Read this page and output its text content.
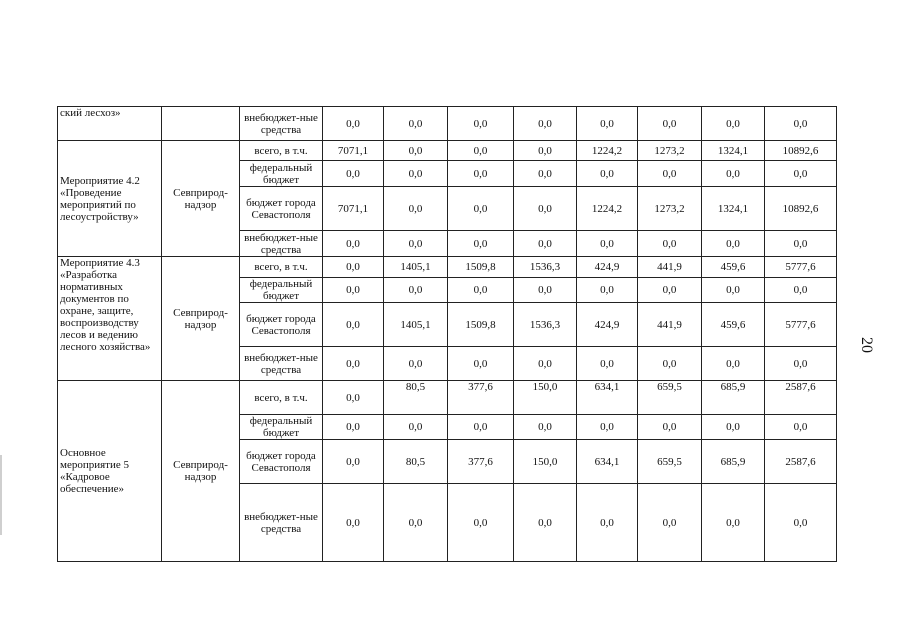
ский лесхоз»		внебюджет-ные средства	0,0	0,0	0,0	0,0	0,0	0,0	0,0	0,0
Мероприятие 4.2 «Проведение мероприятий по лесоустройству»	Севприрод-надзор	всего, в т.ч.	7071,1	0,0	0,0	0,0	1224,2	1273,2	1324,1	10892,6
		федеральный бюджет	0,0	0,0	0,0	0,0	0,0	0,0	0,0	0,0
		бюджет города Севастополя	7071,1	0,0	0,0	0,0	1224,2	1273,2	1324,1	10892,6
		внебюджет-ные средства	0,0	0,0	0,0	0,0	0,0	0,0	0,0	0,0
Мероприятие 4.3 «Разработка нормативных документов по охране, защите, воспроизводству лесов и ведению лесного хозяйства»	Севприрод-надзор	всего, в т.ч.	0,0	1405,1	1509,8	1536,3	424,9	441,9	459,6	5777,6
		федеральный бюджет	0,0	0,0	0,0	0,0	0,0	0,0	0,0	0,0
		бюджет города Севастополя	0,0	1405,1	1509,8	1536,3	424,9	441,9	459,6	5777,6
		внебюджет-ные средства	0,0	0,0	0,0	0,0	0,0	0,0	0,0	0,0
Основное мероприятие 5 «Кадровое обеспечение»	Севприрод-надзор	всего, в т.ч.	0,0	80,5	377,6	150,0	634,1	659,5	685,9	2587,6
		федеральный бюджет	0,0	0,0	0,0	0,0	0,0	0,0	0,0	0,0
		бюджет города Севастополя	0,0	80,5	377,6	150,0	634,1	659,5	685,9	2587,6
		внебюджет-ные средства	0,0	0,0	0,0	0,0	0,0	0,0	0,0	0,0
20
